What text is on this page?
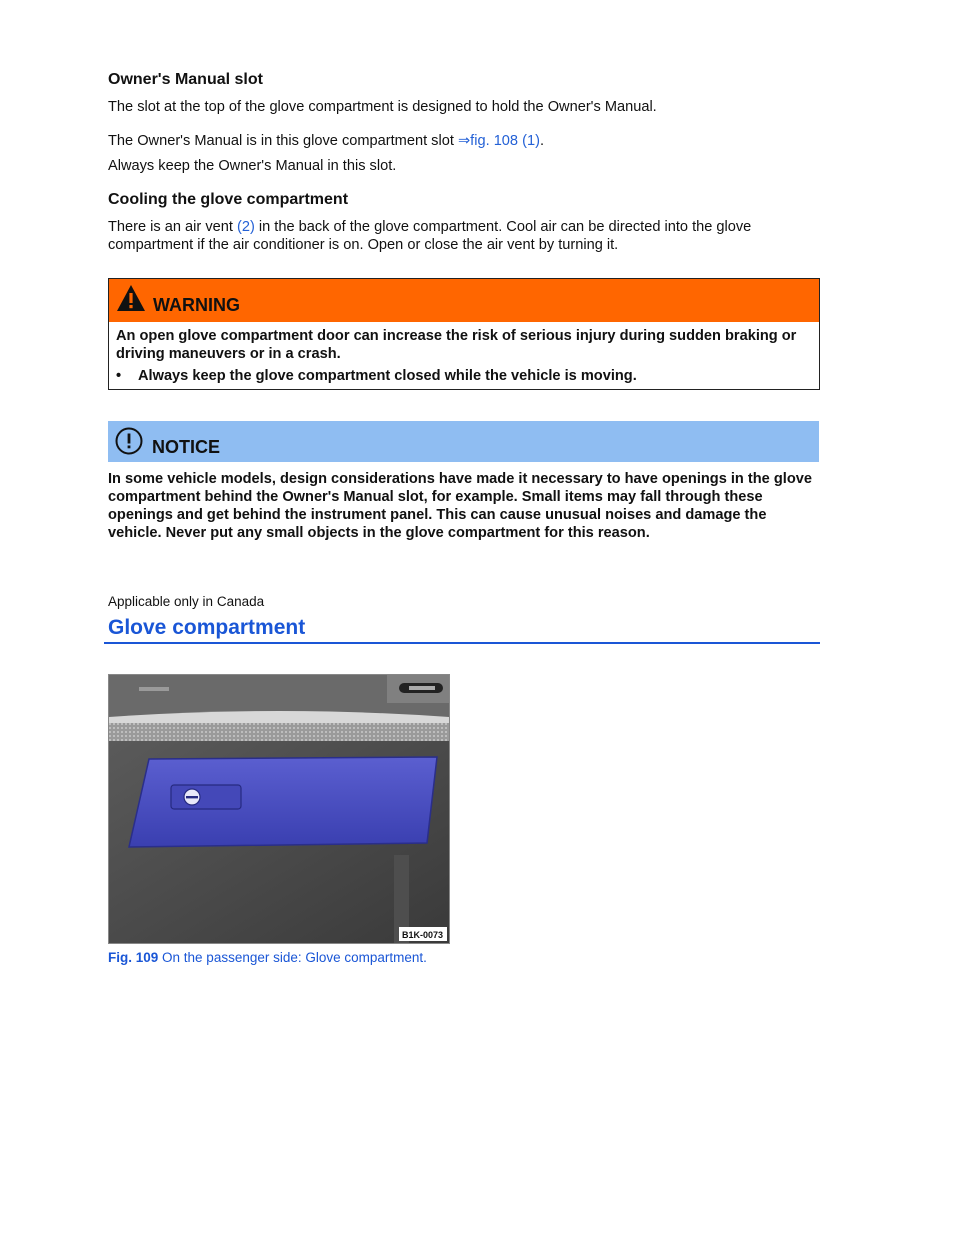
Owner's Manual slot

The slot at the top of the glove compartment is designed to hold the Owner's Manual.

The Owner's Manual is in this glove compartment slot ⇒fig. 108 (1).

Always keep the Owner's Manual in this slot.

Cooling the glove compartment

There is an air vent (2) in the back of the glove compartment. Cool air can be directed into the glove

compartment if the air conditioner is on. Open or close the air vent by turning it.

WARNING
An open glove compartment door can increase the risk of serious injury during sudden braking or driving maneuvers or in a crash.
• Always keep the glove compartment closed while the vehicle is moving.
NOTICE
In some vehicle models, design considerations have made it necessary to have openings in the glove compartment behind the Owner's Manual slot, for example. Small items may fall through these openings and get behind the instrument panel. This can cause unusual noises and damage the vehicle. Never put any small objects in the glove compartment for this reason.
Applicable only in Canada
Glove compartment
B1K-0073
Fig. 109 On the passenger side: Glove compartment.
